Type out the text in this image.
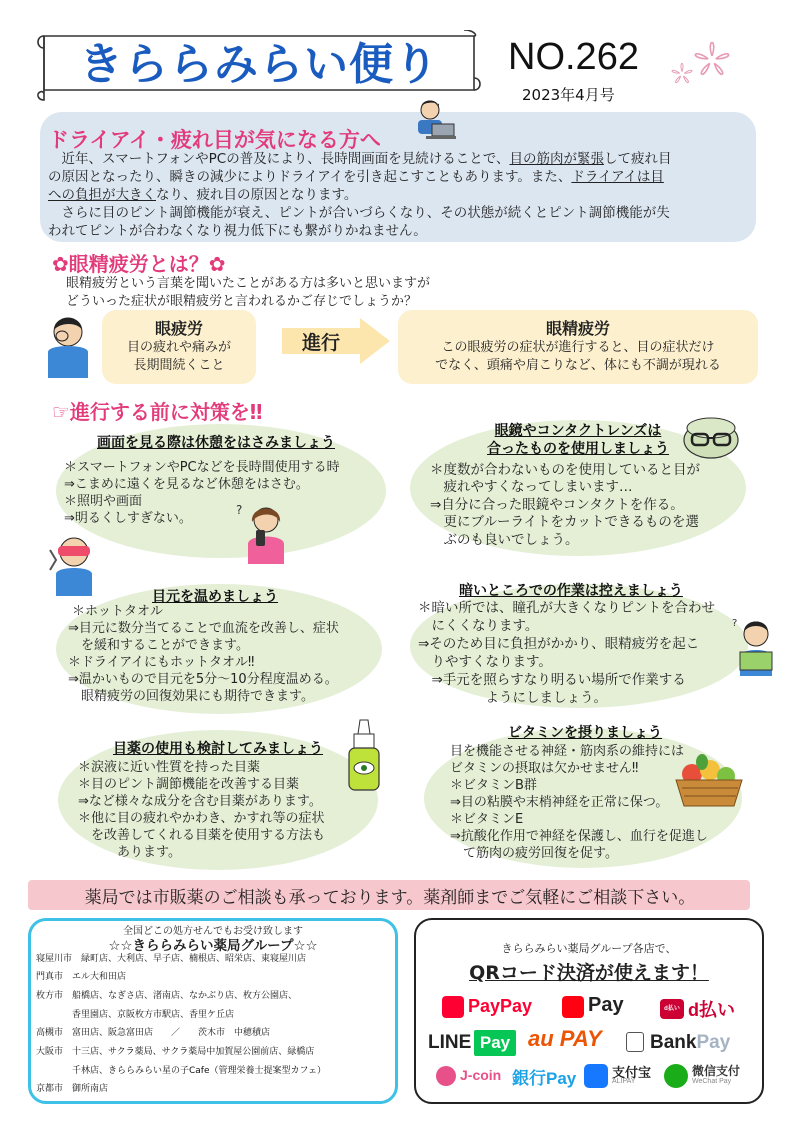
きららみらい便り	NO.262
2023年4月号
ドライアイ・疲れ目が気になる方へ
　近年、スマートフォンやPCの普及により、長時間画面を見続けることで、目の筋肉が緊張して疲れ目
の原因となったり、瞬きの減少によりドライアイを引き起こすこともあります。また、ドライアイは目
への負担が大きくなり、疲れ目の原因となります。
　さらに目のピント調節機能が衰え、ピントが合いづらくなり、その状態が続くとピント調節機能が失
われてピントが合わなくなり視力低下にも繋がりかねません。
✿眼精疲労とは？✿
眼精疲労という言葉を聞いたことがある方は多いと思いますが
どういった症状が眼精疲労と言われるかご存じでしょうか？
眼疲労
目の疲れや痛みが
長期間続くこと
進行
眼精疲労
この眼疲労の症状が進行すると、目の症状だけ
でなく、頭痛や肩こりなど、体にも不調が現れる
☞進行する前に対策を‼
画面を見る際は休憩をはさみましょう
＊スマートフォンやPCなどを長時間使用する時
⇒こまめに遠くを見るなど休憩をはさむ。
＊照明や画面
⇒明るくしすぎない。
?
眼鏡やコンタクトレンズは
合ったものを使用しましょう
＊度数が合わないものを使用していると目が
　疲れやすくなってしまいます…
⇒自分に合った眼鏡やコンタクトを作る。
　更にブルーライトをカットできるものを選
　ぶのも良いでしょう。
目元を温めましょう
＊ホットタオル
⇒目元に数分当てることで血流を改善し、症状
　を緩和することができます。
＊ドライアイにもホットタオル‼
⇒温かいもので目元を5分～10分程度温める。
　眼精疲労の回復効果にも期待できます。
暗いところでの作業は控えましょう
＊暗い所では、瞳孔が大きくなりピントを合わせ
　にくくなります。
⇒そのため目に負担がかかり、眼精疲労を起こ
　りやすくなります。
　⇒手元を照らすなり明るい場所で作業する
　　　　　ようにしましょう。
?
目薬の使用も検討してみましょう
＊涙液に近い性質を持った目薬
＊目のピント調節機能を改善する目薬
⇒など様々な成分を含む目薬があります。
＊他に目の疲れやかわき、かすれ等の症状
　を改善してくれる目薬を使用する方法も
　　　あります。
ビタミンを摂りましょう
目を機能させる神経・筋肉系の維持には
ビタミンの摂取は欠かせません‼
＊ビタミンB群
⇒目の粘膜や末梢神経を正常に保つ。
＊ビタミンE
⇒抗酸化作用で神経を保護し、血行を促進し
　て筋肉の疲労回復を促す。
薬局では市販薬のご相談も承っております。薬剤師までご気軽にご相談下さい。
全国どこの処方せんでもお受け致します
☆☆きららみらい薬局グループ☆☆
寝屋川市　緑町店、大利店、早子店、楠根店、昭栄店、東寝屋川店
門真市　エル大和田店
枚方市　船橋店、なぎさ店、渚南店、なかぶり店、枚方公園店、
　　　　香里園店、京阪枚方市駅店、香里ケ丘店
高槻市　富田店、阪急富田店　　／　　茨木市　中穂積店
大阪市　十三店、サクラ薬局、サクラ薬局中加賀屋公園前店、緑橋店
　　　　千林店、きららみらい星の子Cafe（管理栄養士提案型カフェ）
京都市　御所南店
きららみらい薬局グループ各店で、
QRコード決済が使えます！
PayPay	Pay	d払い d払い
LINE Pay au PAY	BankPay
J-coin 銀行Pay	支付宝
ALIPAY
微信支付
WeChat Pay
